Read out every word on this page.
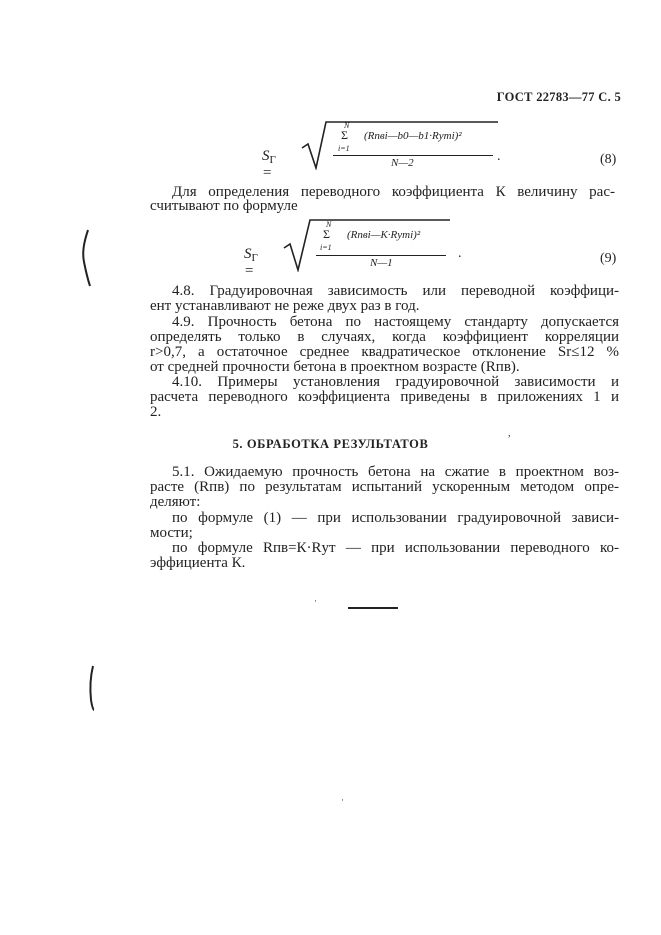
ГОСТ 22783—77 С. 5
$S_Г$ =
N
Σ
i=1
(Rпвi—b0—b1·Rутi)²
N—2	.	(8)
Для определения переводного коэффициента К величину рас-
считывают по формуле
$S_Г$ =
N
Σ
i=1
(Rпвi—К·Rутi)²
N—1
.	(9)
4.8. Градуировочная зависимость или переводной коэффици-
ент устанавливают не реже двух раз в год.
4.9. Прочность бетона по настоящему стандарту допускается
определять только в случаях, когда коэффициент корреляции
r>0,7, а остаточное среднее квадратическое отклонение Sr≤12 %
от средней прочности бетона в проектном возрасте (Rпв).
4.10. Примеры установления градуировочной зависимости и
расчета переводного коэффициента приведены в приложениях 1 и
2.
5. ОБРАБОТКА РЕЗУЛЬТАТОВ
5.1. Ожидаемую прочность бетона на сжатие в проектном воз-
расте (Rпв) по результатам испытаний ускоренным методом опре-
деляют:
по формуле (1) — при использовании градуировочной зависи-
мости;
по формуле Rпв=К·Rут — при использовании переводного ко-
эффициента К.
,
·
·
